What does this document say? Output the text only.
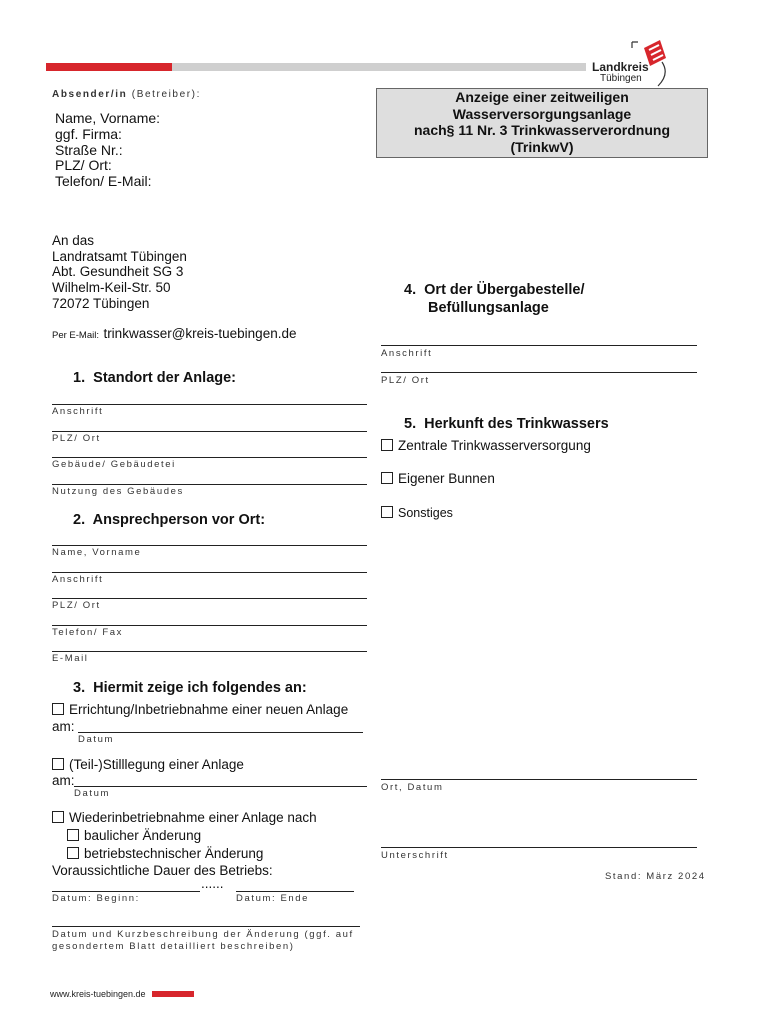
Landkreis
Tübingen
Absender/in (Betreiber):
Name, Vorname:
ggf. Firma:
Straße Nr.:
PLZ/ Ort:
Telefon/ E-Mail:
Anzeige einer zeitweiligen
Wasserversorgungsanlage
nach§ 11 Nr. 3 Trinkwasserverordnung
(TrinkwV)
An das
Landratsamt Tübingen
Abt. Gesundheit SG 3
Wilhelm-Keil-Str. 50
72072 Tübingen
Per E-Mail: trinkwasser@kreis-tuebingen.de
1.  Standort der Anlage:
Anschrift
PLZ/ Ort
Gebäude/ Gebäudetei
Nutzung des Gebäudes
2.  Ansprechperson vor Ort:
Name, Vorname
Anschrift
PLZ/ Ort
Telefon/ Fax
E-Mail
3.  Hiermit zeige ich folgendes an:
Errichtung/Inbetriebnahme einer neuen Anlage
am:
Datum
(Teil-)Stilllegung einer Anlage
am:
Datum
Wiederinbetriebnahme einer Anlage nach
baulicher Änderung
betriebstechnischer Änderung
Voraussichtliche Dauer des Betriebs:
......
Datum: Beginn:	Datum: Ende
Datum und Kurzbeschreibung der Änderung (ggf. auf
gesondertem Blatt detailliert beschreiben)
4.  Ort der Übergabestelle/
Befüllungsanlage
Anschrift
PLZ/ Ort
5.  Herkunft des Trinkwassers
Zentrale Trinkwasserversorgung
Eigener Bunnen
Sonstiges
Ort, Datum
Unterschrift
Stand: März 2024
www.kreis-tuebingen.de
